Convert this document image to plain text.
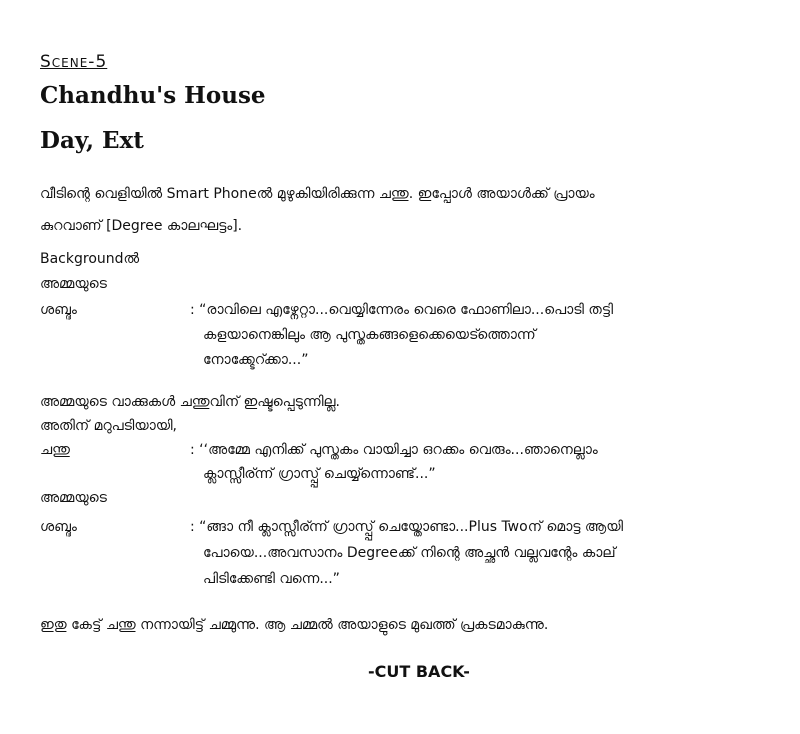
Scene-5
Chandhu's House
Day, Ext
വീടിന്റെ വെളിയിൽ Smart Phoneൽ മുഴുകിയിരിക്കുന്ന ചന്തു. ഇപ്പോൾ അയാൾക്ക് പ്രായം
കുറവാണ് [Degree കാലഘട്ടം].
Backgroundൽ
അമ്മയുടെ
ശബ്ദം	: “രാവിലെ എഴ്നേറ്റാ...വെയ്യിന്നേരം വെരെ ഫോണിലാ...പൊടി തട്ടി
കളയാനെങ്കിലും ആ പുസ്തകങ്ങളെക്കെയെട്ത്തൊന്ന്
നോക്ക്ടേറ്ക്കാ...”
അമ്മയുടെ വാക്കുകൾ ചന്തുവിന് ഇഷ്ടപ്പെടുന്നില്ല.
അതിന് മറുപടിയായി,
ചന്തു	: ‘‘അമ്മേ എനിക്ക് പുസ്തകം വായിച്ചാ ഒറക്കം വെരും...ഞാനെല്ലാം
ക്ലാസ്സീര്ന്ന് ഗ്രാസ്പ്പ് ചെയ്യ്ന്നൊണ്ട്...”
അമ്മയുടെ
ശബ്ദം	: “ങ്ങാ നീ ക്ലാസ്സീര്ന്ന് ഗ്രാസ്പ്പ് ചെയ്തോണ്ടാ...Plus Twoന് മൊട്ട ആയി
പോയെ...അവസാനം Degreeക്ക് നിന്റെ അച്ഛൻ വല്ലവന്റേം കാല്
പിടിക്കേണ്ടി വന്നെ...”
ഇതു കേട്ട് ചന്തു നന്നായിട്ട് ചമ്മുന്നു. ആ ചമ്മൽ അയാളുടെ മുഖത്ത് പ്രകടമാകുന്നു.
-CUT BACK-
